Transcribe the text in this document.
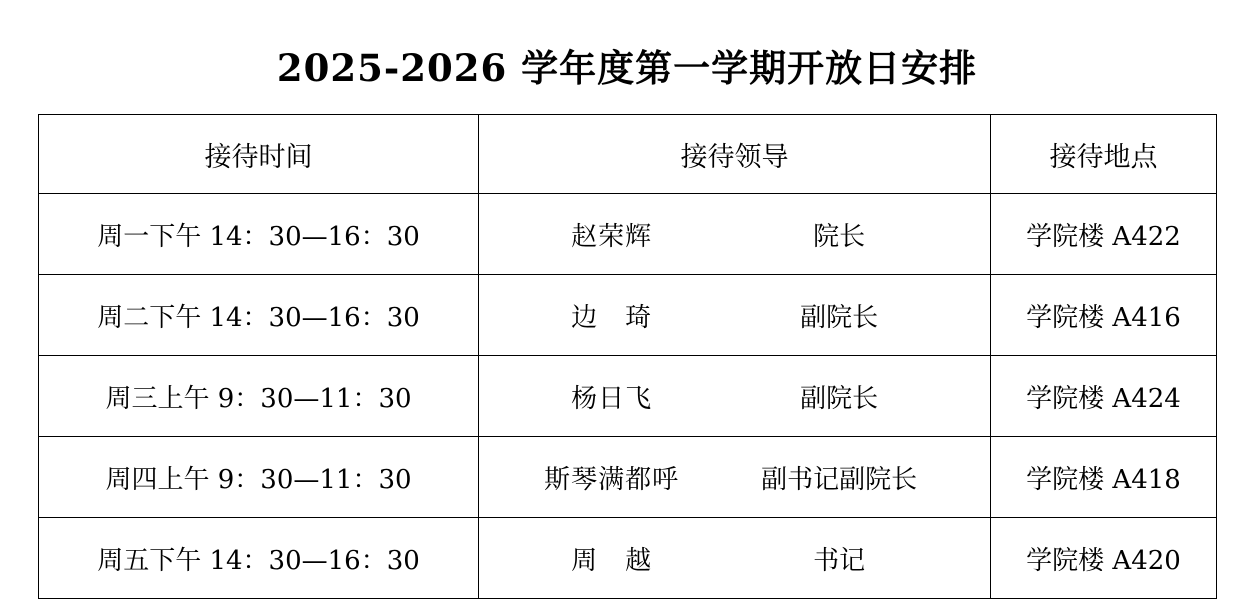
2025-2026 学年度第一学期开放日安排
接待时间	接待领导	接待地点

周一下午 14：30—16：30	赵荣辉 院长	学院楼 A422

周二下午 14：30—16：30	边　琦 副院长	学院楼 A416

周三上午 9：30—11：30	杨日飞 副院长	学院楼 A424

周四上午 9：30—11：30	斯琴满都呼 副书记副院长	学院楼 A418

周五下午 14：30—16：30	周　越 书记	学院楼 A420
